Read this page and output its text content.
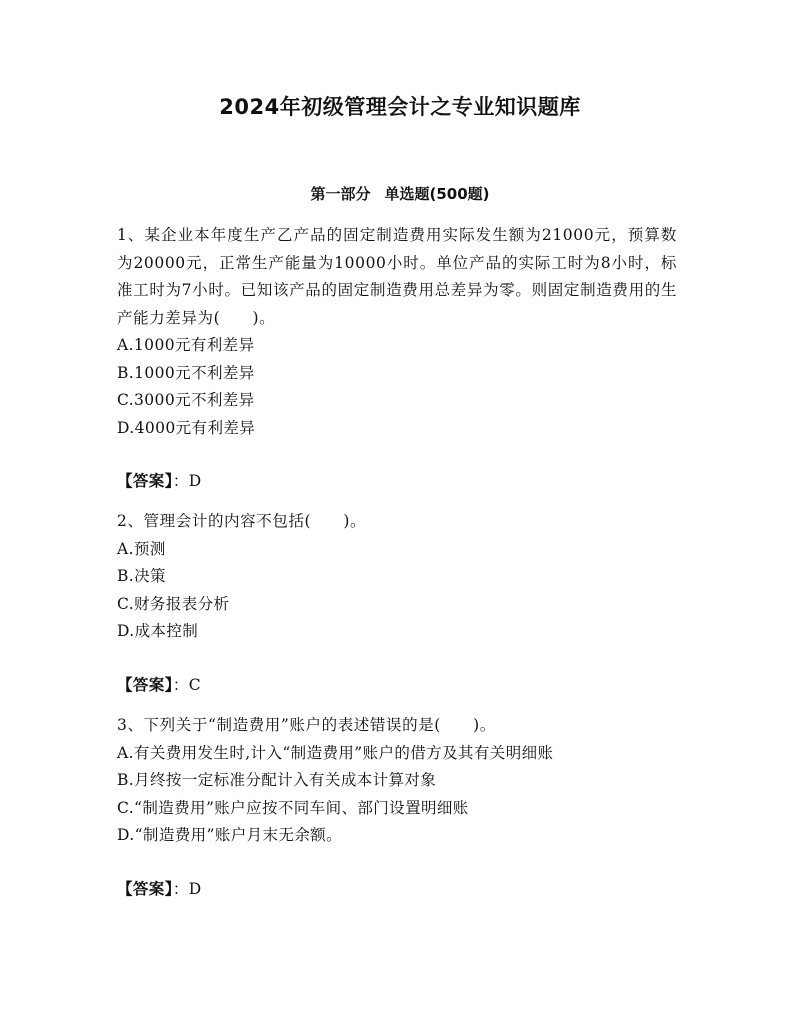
2024年初级管理会计之专业知识题库
第一部分 单选题(500题)

1、某企业本年度生产乙产品的固定制造费用实际发生额为21000元，预算数为20000元，正常生产能量为10000小时。单位产品的实际工时为8小时，标准工时为7小时。已知该产品的固定制造费用总差异为零。则固定制造费用的生产能力差异为(　　)。

A.1000元有利差异

B.1000元不利差异

C.3000元不利差异

D.4000元有利差异

【答案】：D

2、管理会计的内容不包括(　　)。

A.预测

B.决策

C.财务报表分析

D.成本控制

【答案】：C

3、下列关于“制造费用”账户的表述错误的是(　　)。

A.有关费用发生时,计入“制造费用”账户的借方及其有关明细账

B.月终按一定标准分配计入有关成本计算对象

C.“制造费用”账户应按不同车间、部门设置明细账

D.“制造费用”账户月末无余额。

【答案】：D
